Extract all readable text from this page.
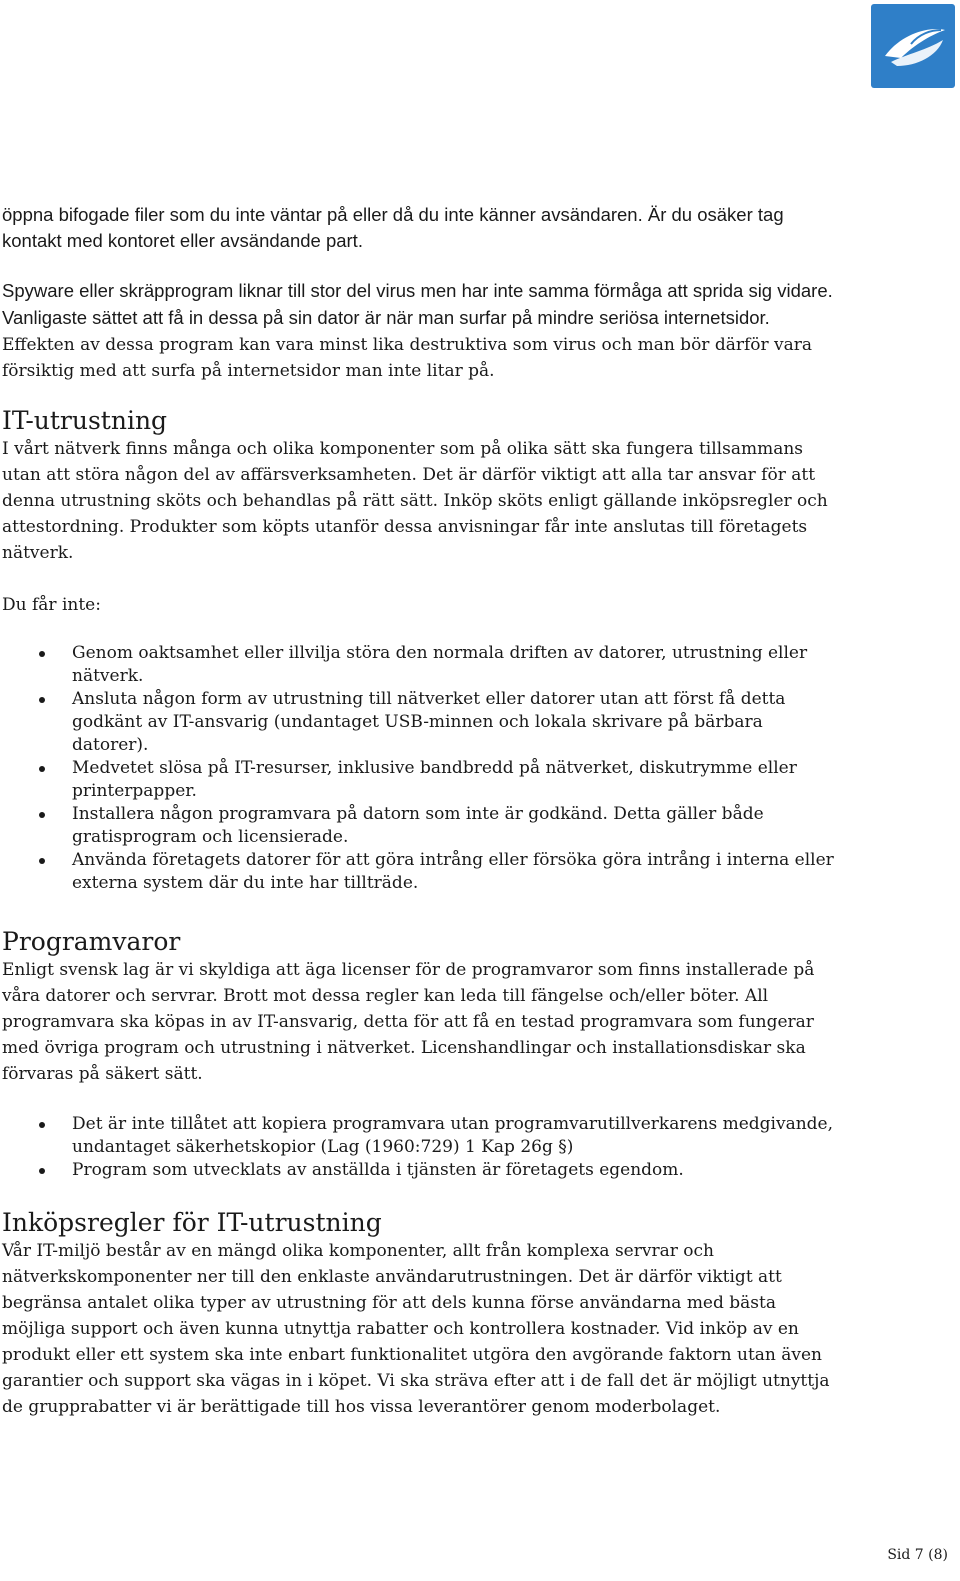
öppna bifogade filer som du inte väntar på eller då du inte känner avsändaren. Är du osäker tag kontakt med kontoret eller avsändande part.

Spyware eller skräpprogram liknar till stor del virus men har inte samma förmåga att sprida sig vidare. Vanligaste sättet att få in dessa på sin dator är när man surfar på mindre seriösa internetsidor. Effekten av dessa program kan vara minst lika destruktiva som virus och man bör därför vara försiktig med att surfa på internetsidor man inte litar på.

IT-utrustning

I vårt nätverk finns många och olika komponenter som på olika sätt ska fungera tillsammans utan att störa någon del av affärsverksamheten. Det är därför viktigt att alla tar ansvar för att denna utrustning sköts och behandlas på rätt sätt. Inköp sköts enligt gällande inköpsregler och attestordning. Produkter som köpts utanför dessa anvisningar får inte anslutas till företagets nätverk.

Du får inte:

Genom oaktsamhet eller illvilja störa den normala driften av datorer, utrustning eller nätverk.
Ansluta någon form av utrustning till nätverket eller datorer utan att först få detta godkänt av IT-ansvarig (undantaget USB-minnen och lokala skrivare på bärbara datorer).
Medvetet slösa på IT-resurser, inklusive bandbredd på nätverket, diskutrymme eller printerpapper.
Installera någon programvara på datorn som inte är godkänd. Detta gäller både gratisprogram och licensierade.
Använda företagets datorer för att göra intrång eller försöka göra intrång i interna eller externa system där du inte har tillträde.
Programvaror

Enligt svensk lag är vi skyldiga att äga licenser för de programvaror som finns installerade på våra datorer och servrar. Brott mot dessa regler kan leda till fängelse och/eller böter. All programvara ska köpas in av IT-ansvarig, detta för att få en testad programvara som fungerar med övriga program och utrustning i nätverket. Licenshandlingar och installationsdiskar ska förvaras på säkert sätt.

Det är inte tillåtet att kopiera programvara utan programvarutillverkarens medgivande, undantaget säkerhetskopior (Lag (1960:729) 1 Kap 26g §)
Program som utvecklats av anställda i tjänsten är företagets egendom.
Inköpsregler för IT-utrustning

Vår IT-miljö består av en mängd olika komponenter, allt från komplexa servrar och nätverkskomponenter ner till den enklaste användarutrustningen. Det är därför viktigt att begränsa antalet olika typer av utrustning för att dels kunna förse användarna med bästa möjliga support och även kunna utnyttja rabatter och kontrollera kostnader. Vid inköp av en produkt eller ett system ska inte enbart funktionalitet utgöra den avgörande faktorn utan även garantier och support ska vägas in i köpet. Vi ska sträva efter att i de fall det är möjligt utnyttja de grupprabatter vi är berättigade till hos vissa leverantörer genom moderbolaget.

Sid 7 (8)
